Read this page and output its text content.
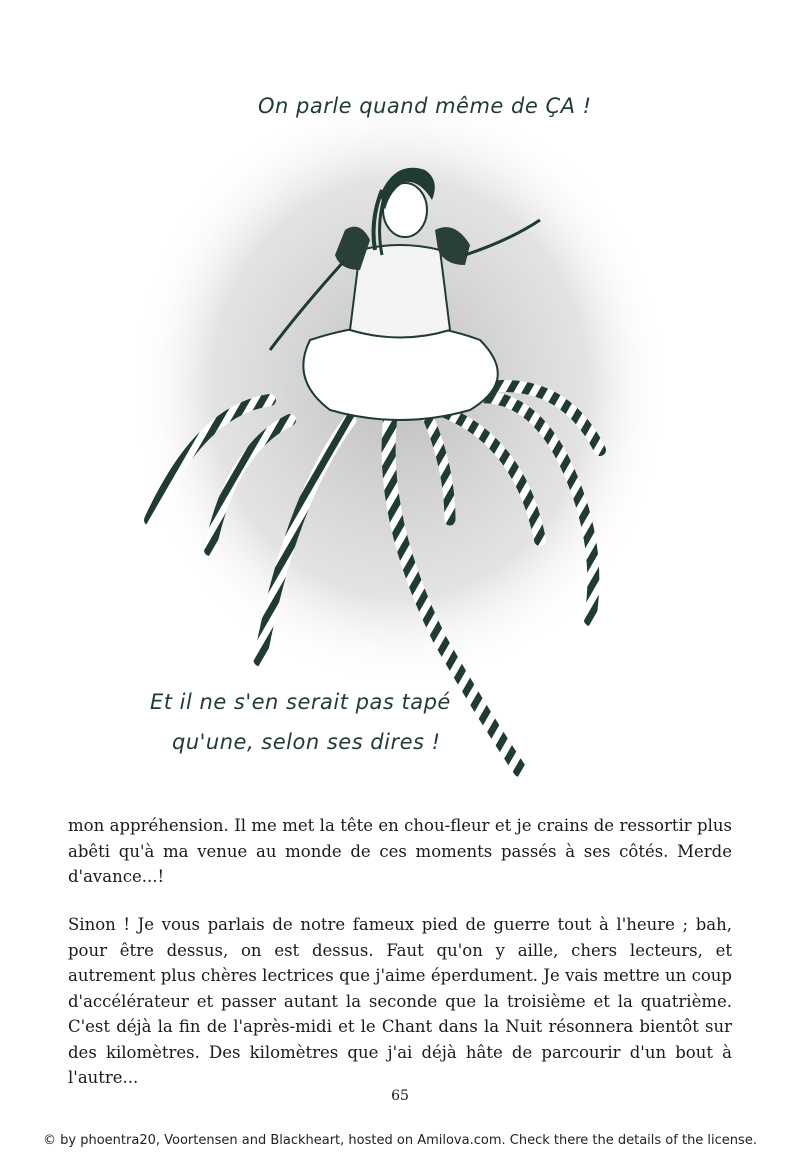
On parle quand même de ÇA !
Et il ne s'en serait pas tapé
qu'une, selon ses dires !

mon appréhension. Il me met la tête en chou-fleur et je crains de ressortir plus abêti qu'à ma venue au monde de ces moments passés à ses côtés. Merde d'avance...!

Sinon ! Je vous parlais de notre fameux pied de guerre tout à l'heure ; bah, pour être dessus, on est dessus. Faut qu'on y aille, chers lecteurs, et autrement plus chères lectrices que j'aime éperdument. Je vais mettre un coup d'accélérateur et passer autant la seconde que la troisième et la quatrième. C'est déjà la fin de l'après-midi et le Chant dans la Nuit résonnera bientôt sur des kilomètres. Des kilomètres que j'ai déjà hâte de parcourir d'un bout à l'autre...

65
© by phoentra20, Voortensen and Blackheart, hosted on Amilova.com. Check there the details of the license.
